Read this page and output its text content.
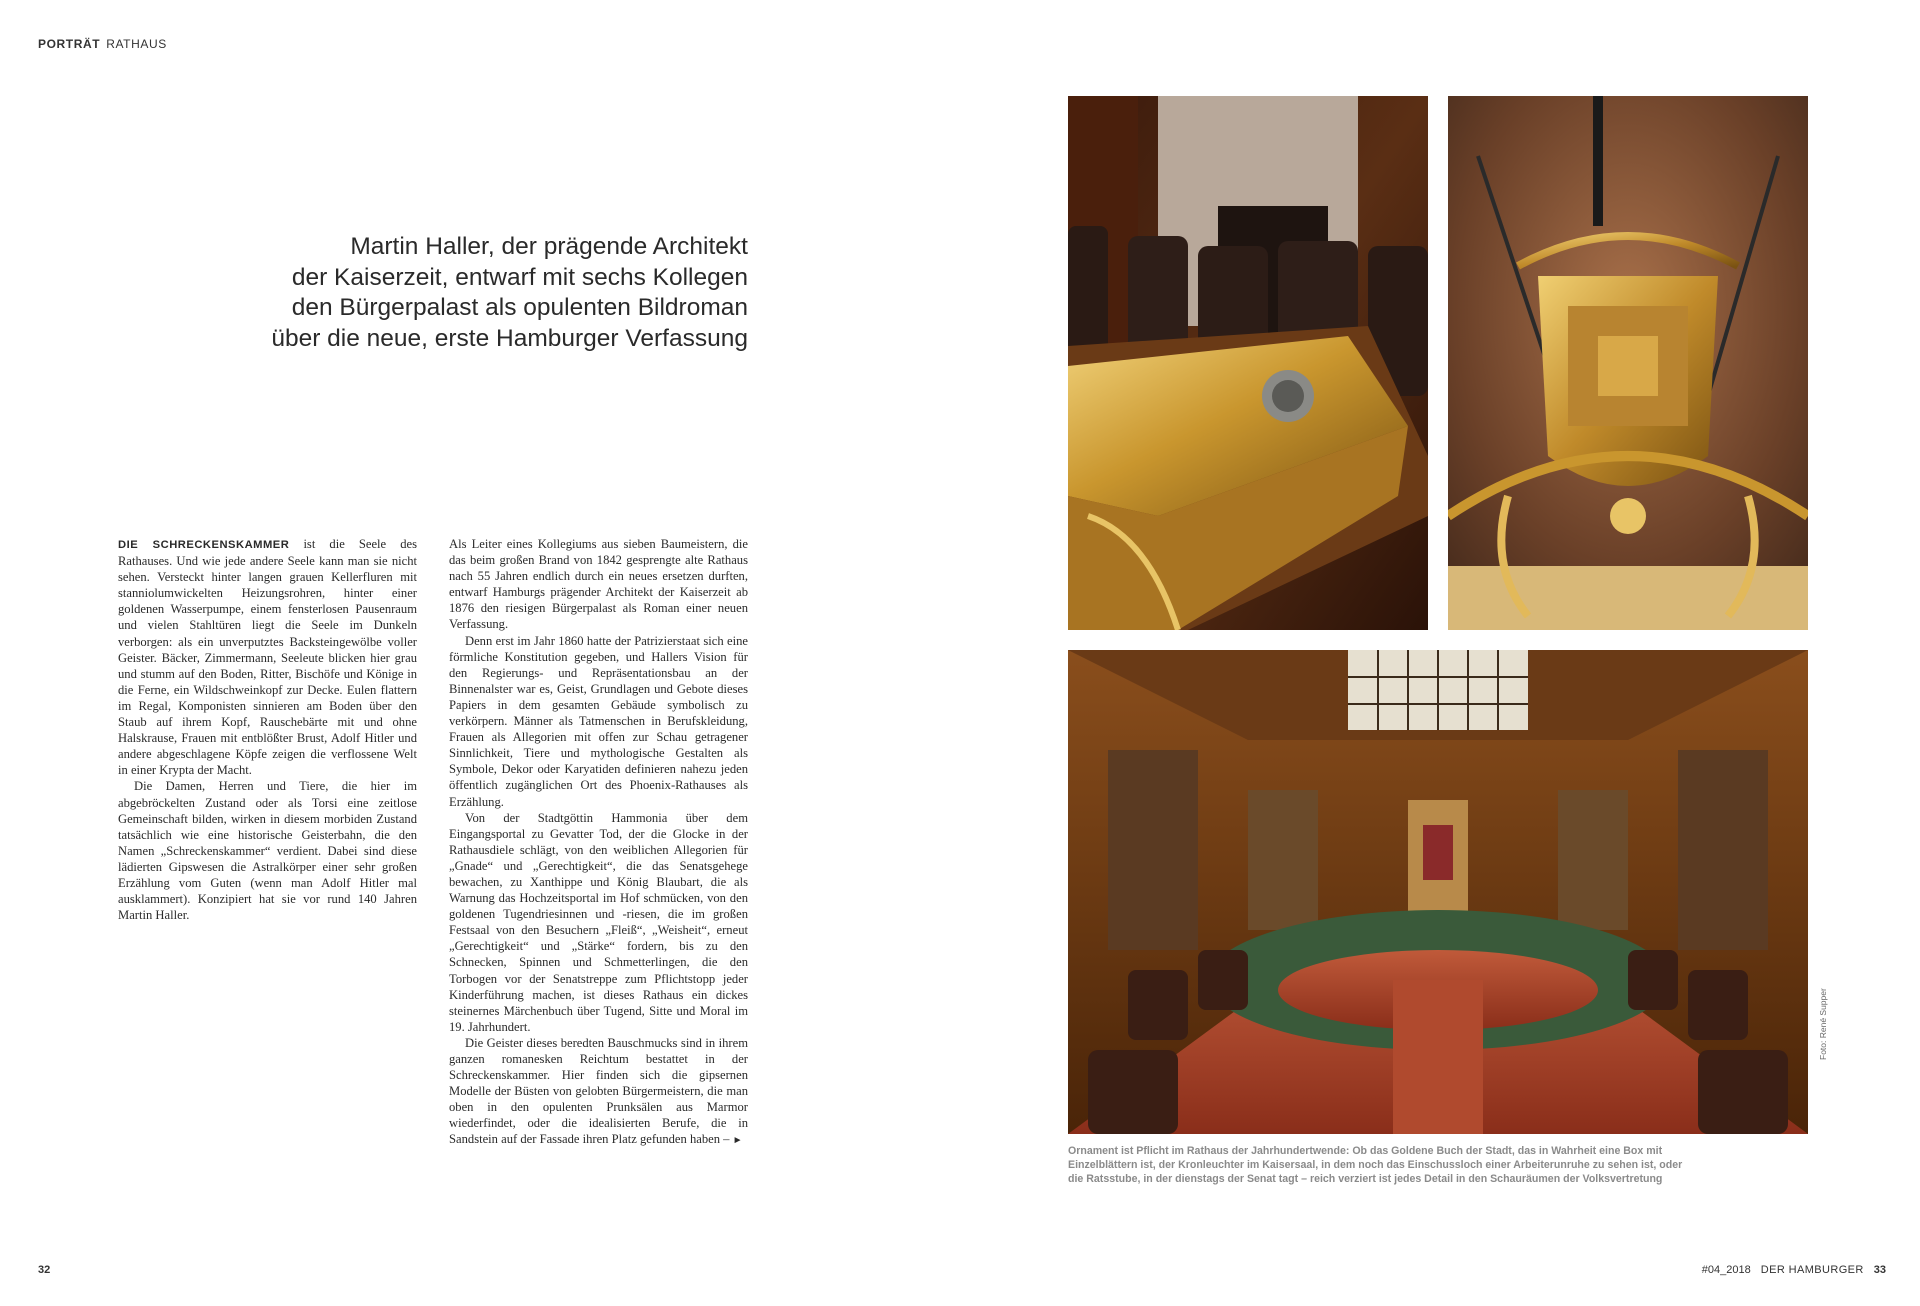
PORTRÄT RATHAUS
Martin Haller, der prägende Architekt
der Kaiserzeit, entwarf mit sechs Kollegen
den Bürgerpalast als opulenten Bildroman
über die neue, erste Hamburger Verfassung

DIE SCHRECKENSKAMMER ist die Seele des Rathauses. Und wie jede andere Seele kann man sie nicht sehen. Versteckt hinter langen grauen Kellerfluren mit stanniolumwickelten Heizungsrohren, hinter einer goldenen Wasserpumpe, einem fensterlosen Pausenraum und vielen Stahltüren liegt die Seele im Dunkeln verborgen: als ein unverputztes Backsteingewölbe voller Geister. Bäcker, Zimmermann, Seeleute blicken hier grau und stumm auf den Boden, Ritter, Bischöfe und Könige in die Ferne, ein Wildschweinkopf zur Decke. Eulen flattern im Regal, Komponisten sinnieren am Boden über den Staub auf ihrem Kopf, Rauschebärte mit und ohne Halskrause, Frauen mit entblößter Brust, Adolf Hitler und andere abgeschlagene Köpfe zeigen die verflossene Welt in einer Krypta der Macht.

Die Damen, Herren und Tiere, die hier im abgebröckelten Zustand oder als Torsi eine zeitlose Gemeinschaft bilden, wirken in diesem morbiden Zustand tatsächlich wie eine historische Geisterbahn, die den Namen „Schreckenskammer“ verdient. Dabei sind diese lädierten Gipswesen die Astralkörper einer sehr großen Erzählung vom Guten (wenn man Adolf Hitler mal ausklammert). Konzipiert hat sie vor rund 140 Jahren Martin Haller.

Als Leiter eines Kollegiums aus sieben Baumeistern, die das beim großen Brand von 1842 gesprengte alte Rathaus nach 55 Jahren endlich durch ein neues ersetzen durften, entwarf Hamburgs prägender Architekt der Kaiserzeit ab 1876 den riesigen Bürgerpalast als Roman einer neuen Verfassung.

Denn erst im Jahr 1860 hatte der Patrizierstaat sich eine förmliche Konstitution gegeben, und Hallers Vision für den Regierungs- und Repräsentationsbau an der Binnenalster war es, Geist, Grundlagen und Gebote dieses Papiers in dem gesamten Gebäude symbolisch zu verkörpern. Männer als Tatmenschen in Berufskleidung, Frauen als Allegorien mit offen zur Schau getragener Sinnlichkeit, Tiere und mythologische Gestalten als Symbole, Dekor oder Karyatiden definieren nahezu jeden öffentlich zugänglichen Ort des Phoenix-Rathauses als Erzählung.

Von der Stadtgöttin Hammonia über dem Eingangsportal zu Gevatter Tod, der die Glocke in der Rathausdiele schlägt, von den weiblichen Allegorien für „Gnade“ und „Gerechtigkeit“, die das Senatsgehege bewachen, zu Xanthippe und König Blaubart, die als Warnung das Hochzeitsportal im Hof schmücken, von den goldenen Tugendriesinnen und -riesen, die im großen Festsaal von den Besuchern „Fleiß“, „Weisheit“, erneut „Gerechtigkeit“ und „Stärke“ fordern, bis zu den Schnecken, Spinnen und Schmetterlingen, die den Torbogen vor der Senatstreppe zum Pflichtstopp jeder Kinderführung machen, ist dieses Rathaus ein dickes steinernes Märchenbuch über Tugend, Sitte und Moral im 19. Jahrhundert.

Die Geister dieses beredten Bauschmucks sind in ihrem ganzen romanesken Reichtum bestattet in der Schreckenskammer. Hier finden sich die gipsernen Modelle der Büsten von gelobten Bürgermeistern, die man oben in den opulenten Prunksälen aus Marmor wiederfindet, oder die idealisierten Berufe, die in Sandstein auf der Fassade ihren Platz gefunden haben – ►

Foto: René Supper
Ornament ist Pflicht im Rathaus der Jahrhundertwende: Ob das Goldene Buch der Stadt, das in Wahrheit eine Box mit
Einzelblättern ist, der Kronleuchter im Kaisersaal, in dem noch das Einschussloch einer Arbeiterunruhe zu sehen ist, oder
die Ratsstube, in der dienstags der Senat tagt – reich verziert ist jedes Detail in den Schauräumen der Volksvertretung
32	#04_2018 DER HAMBURGER 33
